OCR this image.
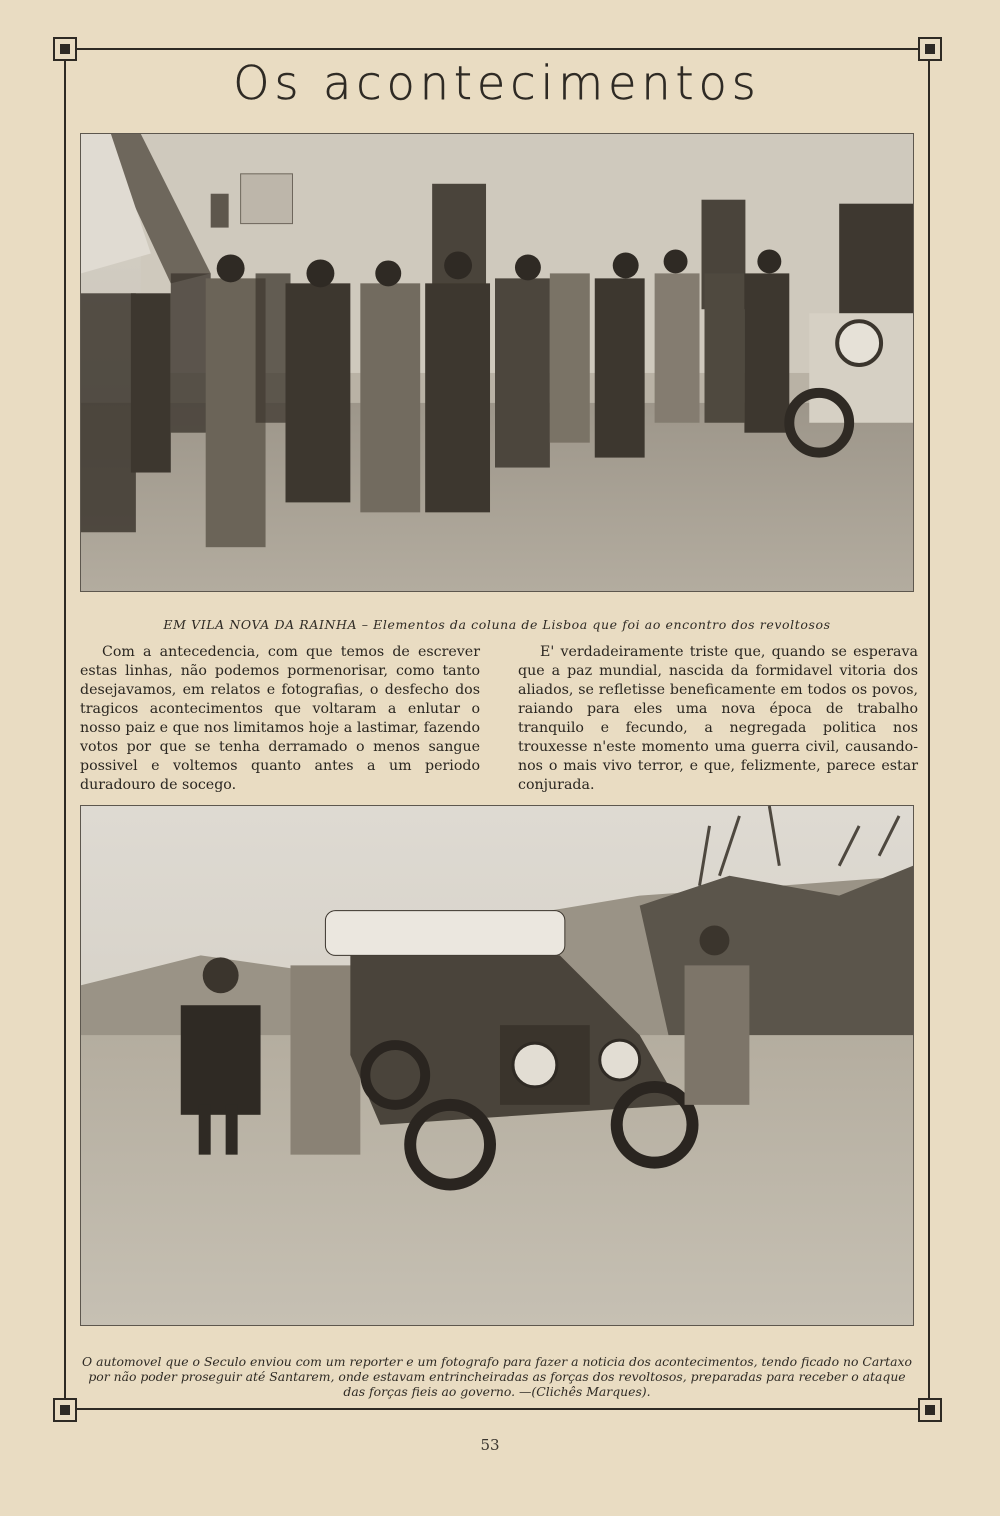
Os acontecimentos
EM VILA NOVA DA RAINHA – Elementos da coluna de Lisboa que foi ao encontro dos revoltosos

Com a antecedencia, com que temos de escrever estas linhas, não podemos pormenorisar, como tanto desejavamos, em relatos e fotografias, o desfecho dos tragicos acontecimentos que voltaram a enlutar o nosso paiz e que nos limitamos hoje a lastimar, fazendo votos por que se tenha derramado o menos sangue possivel e voltemos quanto antes a um periodo duradouro de socego.

E' verdadeiramente triste que, quando se esperava que a paz mundial, nascida da formidavel vitoria dos aliados, se refletisse beneficamente em todos os povos, raiando para eles uma nova época de trabalho tranquilo e fecundo, a negregada politica nos trouxesse n'este momento uma guerra civil, causando-nos o mais vivo terror, e que, felizmente, parece estar conjurada.

O automovel que o Seculo enviou com um reporter e um fotografo para fazer a noticia dos acontecimentos, tendo ficado no Cartaxo por não poder proseguir até Santarem, onde estavam entrincheiradas as forças dos revoltosos, preparadas para receber o ataque das forças fieis ao governo. —(Clichês Marques).

53
